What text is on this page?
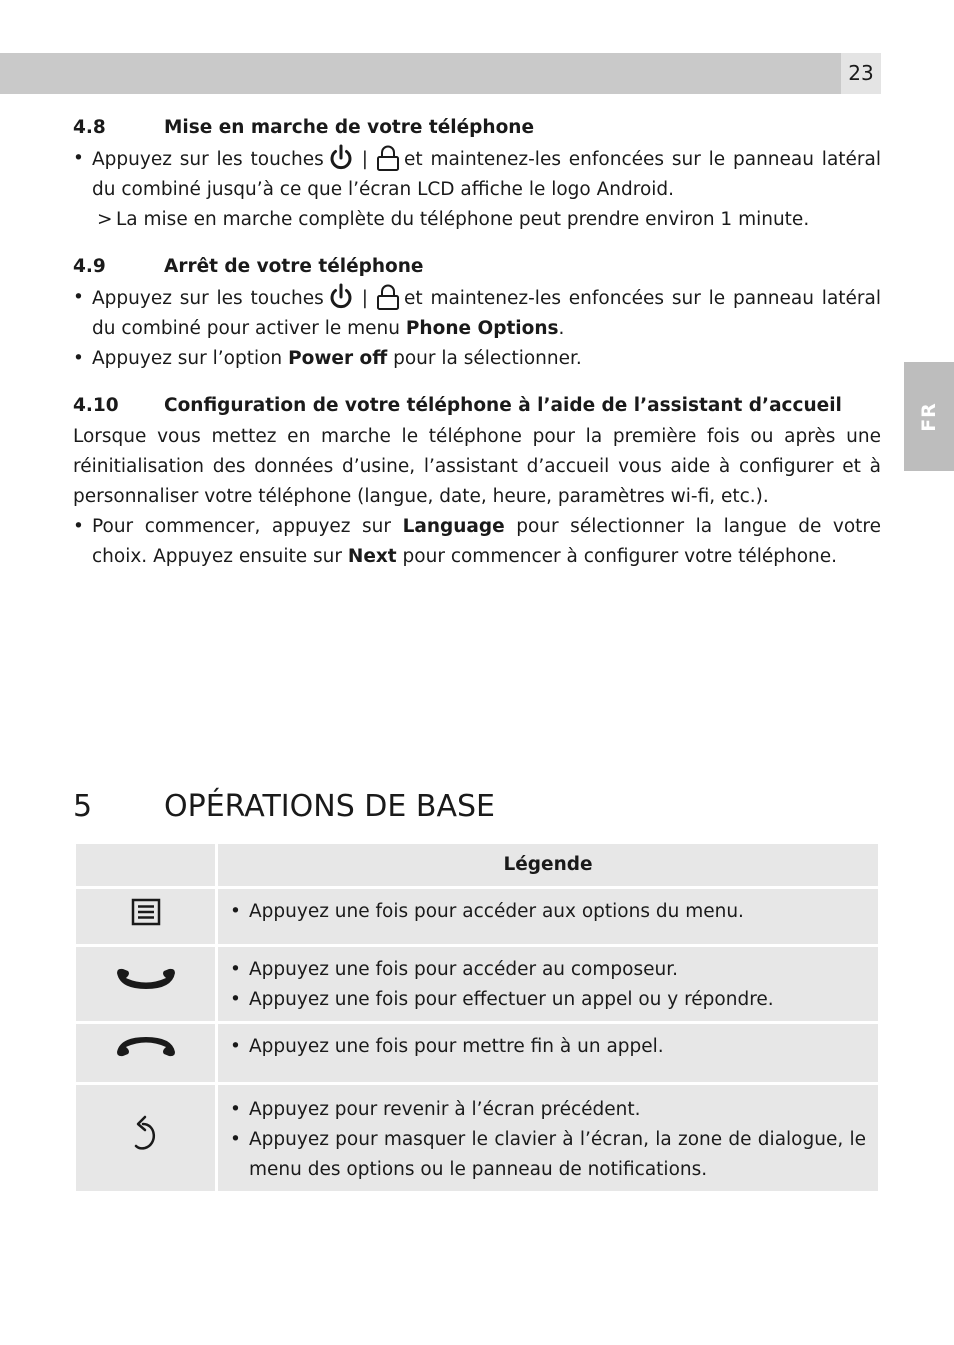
23
FR
4.8	Mise en marche de votre téléphone
• Appuyez sur les touches | et maintenez-les enfoncées sur le panneau latéral du combiné jusqu’à ce que l’écran LCD affiche le logo Android.
> La mise en marche complète du téléphone peut prendre environ 1 minute.
4.9	Arrêt de votre téléphone
• Appuyez sur les touches | et maintenez-les enfoncées sur le panneau latéral du combiné pour activer le menu Phone Options.
• Appuyez sur l’option Power off pour la sélectionner.
4.10	Configuration de votre téléphone à l’aide de l’assistant d’accueil
Lorsque vous mettez en marche le téléphone pour la première fois ou après une réinitialisation des données d’usine, l’assistant d’accueil vous aide à configurer et à personnaliser votre téléphone (langue, date, heure, paramètres wi-fi, etc.).
• Pour commencer, appuyez sur Language pour sélectionner la langue de votre choix. Appuyez ensuite sur Next pour commencer à configurer votre téléphone.
5	OPÉRATIONS DE BASE
	Légende

• Appuyez une fois pour accéder aux options du menu.

• Appuyez une fois pour accéder au composeur.
• Appuyez une fois pour effectuer un appel ou y répondre.

• Appuyez une fois pour mettre fin à un appel.

• Appuyez pour revenir à l’écran précédent.
• Appuyez pour masquer le clavier à l’écran, la zone de dialogue, le menu des options ou le panneau de notifications.
